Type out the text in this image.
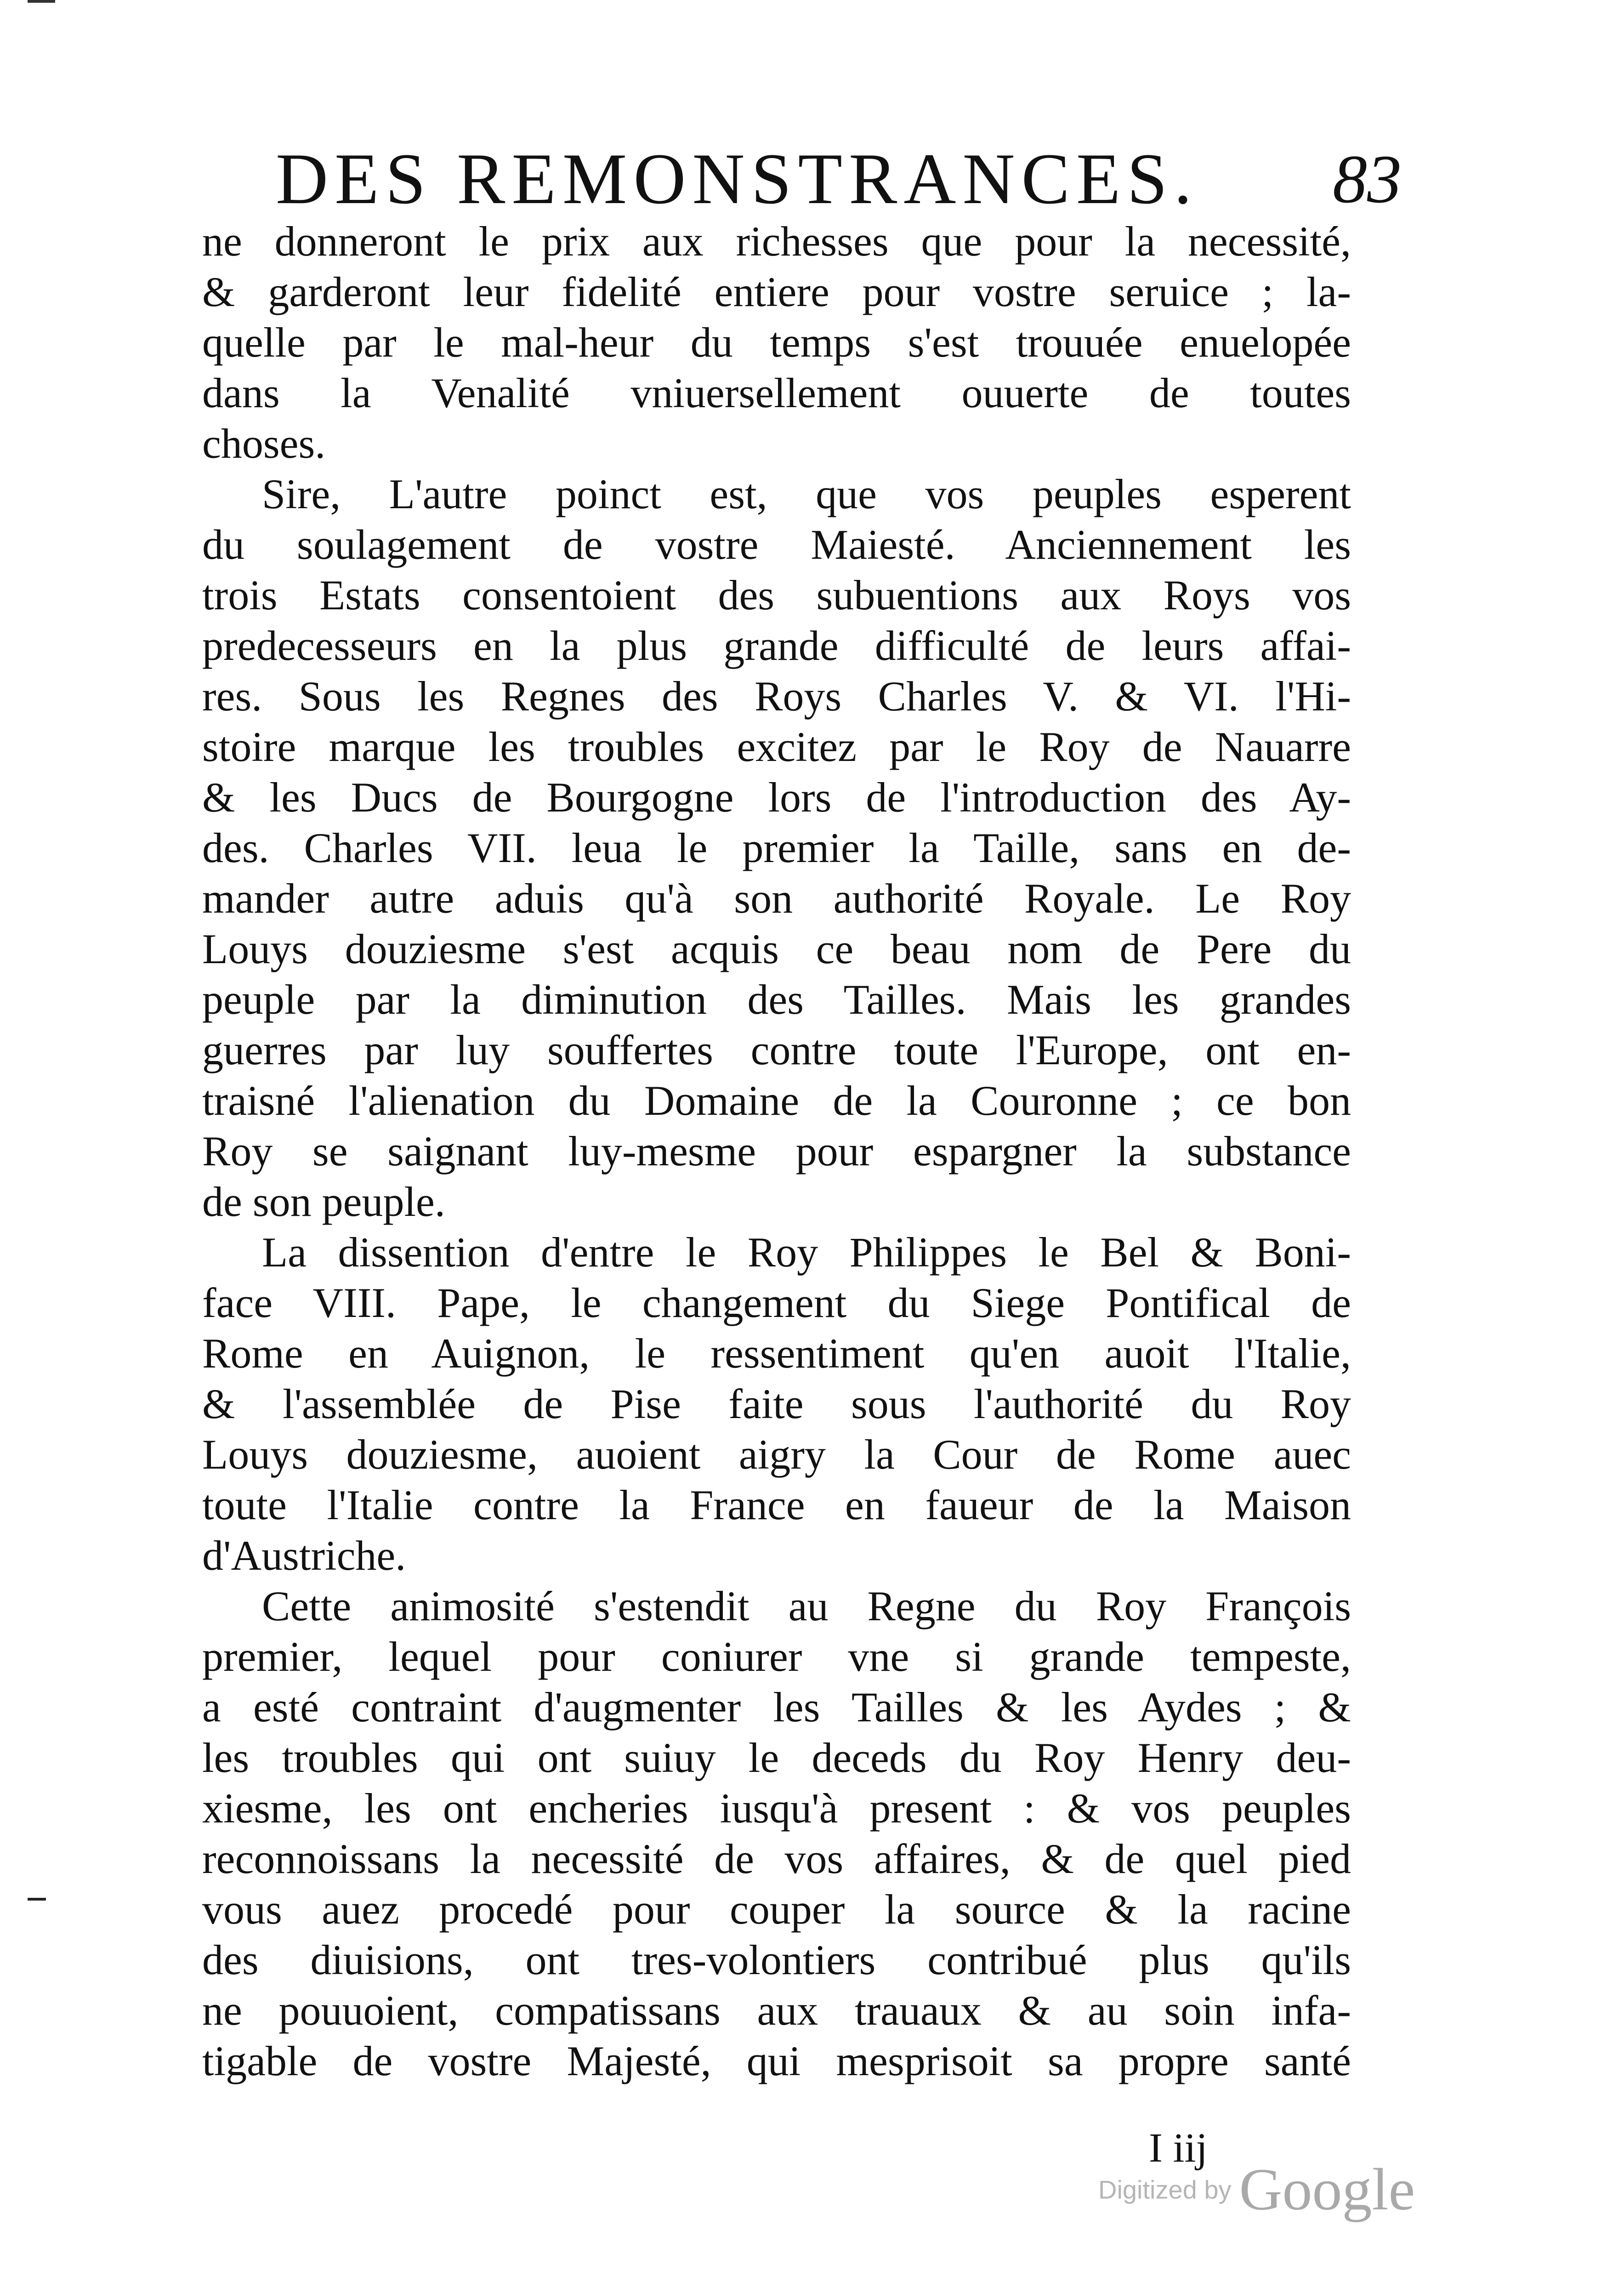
DES REMONSTRANCES. 83
ne donneront le prix aux richesses que pour la necessité,
& garderont leur fidelité entiere pour vostre seruice ; la-
quelle par le mal-heur du temps s'est trouuée enuelopée
dans la Venalité vniuersellement ouuerte de toutes
choses.
Sire, L'autre poinct est, que vos peuples esperent
du soulagement de vostre Maiesté. Anciennement les
trois Estats consentoient des subuentions aux Roys vos
predecesseurs en la plus grande difficulté de leurs affai-
res. Sous les Regnes des Roys Charles V. & VI. l'Hi-
stoire marque les troubles excitez par le Roy de Nauarre
& les Ducs de Bourgogne lors de l'introduction des Ay-
des. Charles VII. leua le premier la Taille, sans en de-
mander autre aduis qu'à son authorité Royale. Le Roy
Louys douziesme s'est acquis ce beau nom de Pere du
peuple par la diminution des Tailles. Mais les grandes
guerres par luy souffertes contre toute l'Europe, ont en-
traisné l'alienation du Domaine de la Couronne ; ce bon
Roy se saignant luy-mesme pour espargner la substance
de son peuple.
La dissention d'entre le Roy Philippes le Bel & Boni-
face VIII. Pape, le changement du Siege Pontifical de
Rome en Auignon, le ressentiment qu'en auoit l'Italie,
& l'assemblée de Pise faite sous l'authorité du Roy
Louys douziesme, auoient aigry la Cour de Rome auec
toute l'Italie contre la France en faueur de la Maison
d'Austriche.
Cette animosité s'estendit au Regne du Roy François
premier, lequel pour coniurer vne si grande tempeste,
a esté contraint d'augmenter les Tailles & les Aydes ; &
les troubles qui ont suiuy le deceds du Roy Henry deu-
xiesme, les ont encheries iusqu'à present : & vos peuples
reconnoissans la necessité de vos affaires, & de quel pied
vous auez procedé pour couper la source & la racine
des diuisions, ont tres-volontiers contribué plus qu'ils
ne pouuoient, compatissans aux trauaux & au soin infa-
tigable de vostre Majesté, qui mesprisoit sa propre santé
I iij
Digitized by Google
